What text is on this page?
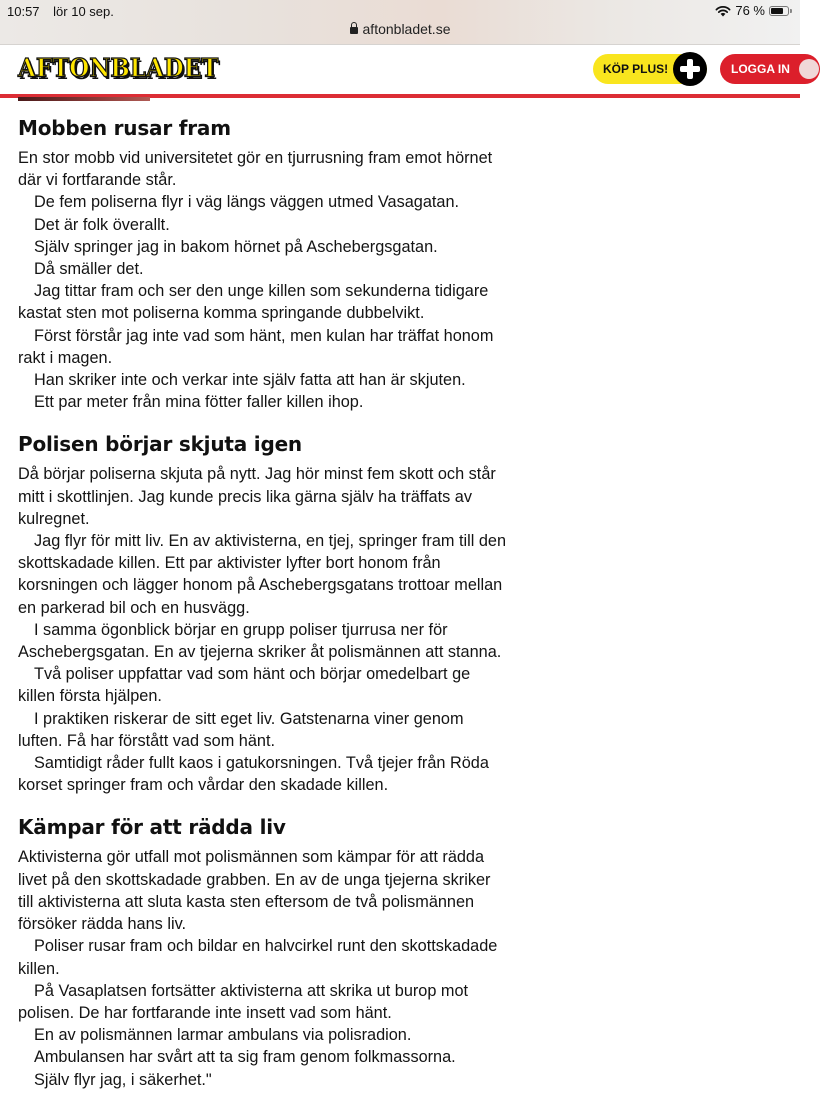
10:57 lör 10 sep.	76 %
aftonbladet.se
AFTONBLADET	KÖP PLUS!	LOGGA IN
Mobben rusar fram

En stor mobb vid universitetet gör en tjurrusning fram emot hörnet
där vi fortfarande står.

De fem poliserna flyr i väg längs väggen utmed Vasagatan.

Det är folk överallt.

Själv springer jag in bakom hörnet på Aschebergsgatan.

Då smäller det.

Jag tittar fram och ser den unge killen som sekunderna tidigare
kastat sten mot poliserna komma springande dubbelvikt.

Först förstår jag inte vad som hänt, men kulan har träffat honom
rakt i magen.

Han skriker inte och verkar inte själv fatta att han är skjuten.

Ett par meter från mina fötter faller killen ihop.

Polisen börjar skjuta igen

Då börjar poliserna skjuta på nytt. Jag hör minst fem skott och står
mitt i skottlinjen. Jag kunde precis lika gärna själv ha träffats av
kulregnet.

Jag flyr för mitt liv. En av aktivisterna, en tjej, springer fram till den
skottskadade killen. Ett par aktivister lyfter bort honom från
korsningen och lägger honom på Aschebergsgatans trottoar mellan
en parkerad bil och en husvägg.

I samma ögonblick börjar en grupp poliser tjurrusa ner för
Aschebergsgatan. En av tjejerna skriker åt polismännen att stanna.

Två poliser uppfattar vad som hänt och börjar omedelbart ge
killen första hjälpen.

I praktiken riskerar de sitt eget liv. Gatstenarna viner genom
luften. Få har förstått vad som hänt.

Samtidigt råder fullt kaos i gatukorsningen. Två tjejer från Röda
korset springer fram och vårdar den skadade killen.

Kämpar för att rädda liv

Aktivisterna gör utfall mot polismännen som kämpar för att rädda
livet på den skottskadade grabben. En av de unga tjejerna skriker
till aktivisterna att sluta kasta sten eftersom de två polismännen
försöker rädda hans liv.

Poliser rusar fram och bildar en halvcirkel runt den skottskadade
killen.

På Vasaplatsen fortsätter aktivisterna att skrika ut burop mot
polisen. De har fortfarande inte insett vad som hänt.

En av polismännen larmar ambulans via polisradion.

Ambulansen har svårt att ta sig fram genom folkmassorna.

Själv flyr jag, i säkerhet."
